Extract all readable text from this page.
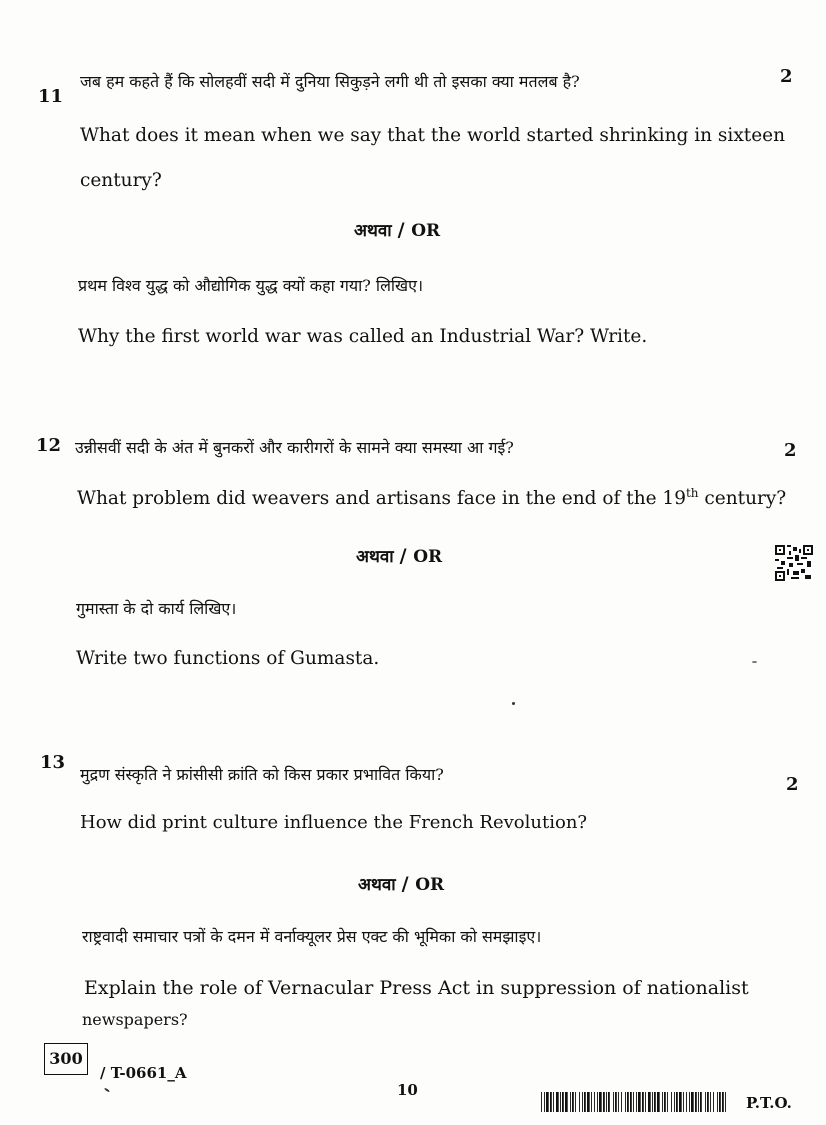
11
जब हम कहते हैं कि सोलहवीं सदी में दुनिया सिकुड़ने लगी थी तो इसका क्या मतलब है?	2
What does it mean when we say that the world started shrinking in sixteen
century?
अथवा / OR
प्रथम विश्व युद्ध को औद्योगिक युद्ध क्यों कहा गया? लिखिए।
Why the first world war was called an Industrial War? Write.
12 उन्नीसवीं सदी के अंत में बुनकरों और कारीगरों के सामने क्या समस्या आ गई?	2
What problem did weavers and artisans face in the end of the 19th century?
अथवा / OR
गुमास्ता के दो कार्य लिखिए।
Write two functions of Gumasta.
13
मुद्रण संस्कृति ने फ्रांसीसी क्रांति को किस प्रकार प्रभावित किया?	2
How did print culture influence the French Revolution?
अथवा / OR
राष्ट्रवादी समाचार पत्रों के दमन में वर्नाक्यूलर प्रेस एक्ट की भूमिका को समझाइए।
Explain the role of Vernacular Press Act in suppression of nationalist
newspapers?
300
/ T-0661_A
10
P.T.O.
